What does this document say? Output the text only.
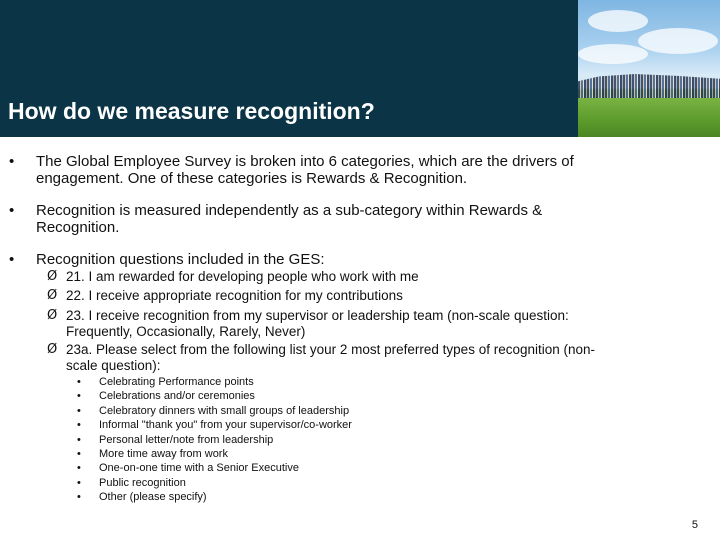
How do we measure recognition?
• The Global Employee Survey is broken into 6 categories, which are the drivers of
engagement. One of these categories is Rewards & Recognition.
• Recognition is measured independently as a sub-category within Rewards &
Recognition.
• Recognition questions included in the GES:
Ø 21. I am rewarded for developing people who work with me
Ø 22. I receive appropriate recognition for my contributions
Ø 23. I receive recognition from my supervisor or leadership team (non-scale question:
Frequently, Occasionally, Rarely, Never)
Ø 23a. Please select from the following list your 2 most preferred types of recognition (non-
scale question):
• Celebrating Performance points
• Celebrations and/or ceremonies
• Celebratory dinners with small groups of leadership
• Informal "thank you" from your supervisor/co-worker
• Personal letter/note from leadership
• More time away from work
• One-on-one time with a Senior Executive
• Public recognition
• Other (please specify)
5
